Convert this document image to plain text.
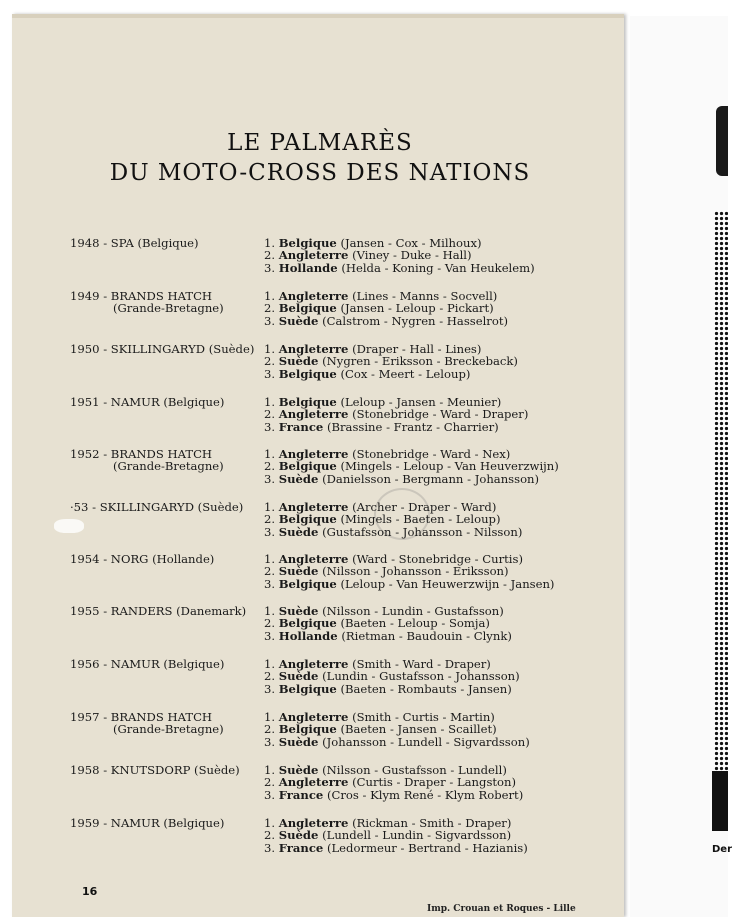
Der
LE PALMARÈS
DU MOTO-CROSS DES NATIONS
1948 - SPA (Belgique)	1. Belgique (Jansen - Cox - Milhoux)
2. Angleterre (Viney - Duke - Hall)
3. Hollande (Helda - Koning - Van Heukelem)
1949 - BRANDS HATCH
(Grande-Bretagne)
1. Angleterre (Lines - Manns - Socvell)
2. Belgique (Jansen - Leloup - Pickart)
3. Suède (Calstrom - Nygren - Hasselrot)
1950 - SKILLINGARYD (Suède) 1. Angleterre (Draper - Hall - Lines)
2. Suède (Nygren - Eriksson - Breckeback)
3. Belgique (Cox - Meert - Leloup)
1951 - NAMUR (Belgique)	1. Belgique (Leloup - Jansen - Meunier)
2. Angleterre (Stonebridge - Ward - Draper)
3. France (Brassine - Frantz - Charrier)
1952 - BRANDS HATCH
(Grande-Bretagne)
1. Angleterre (Stonebridge - Ward - Nex)
2. Belgique (Mingels - Leloup - Van Heuverzwijn)
3. Suède (Danielsson - Bergmann - Johansson)
·53 - SKILLINGARYD (Suède)	1. Angleterre (Archer - Draper - Ward)
2. Belgique (Mingels - Baeten - Leloup)
3. Suède (Gustafsson - Johansson - Nilsson)
1954 - NORG (Hollande)	1. Angleterre (Ward - Stonebridge - Curtis)
2. Suède (Nilsson - Johansson - Eriksson)
3. Belgique (Leloup - Van Heuwerzwijn - Jansen)
1955 - RANDERS (Danemark)	1. Suède (Nilsson - Lundin - Gustafsson)
2. Belgique (Baeten - Leloup - Somja)
3. Hollande (Rietman - Baudouin - Clynk)
1956 - NAMUR (Belgique)	1. Angleterre (Smith - Ward - Draper)
2. Suède (Lundin - Gustafsson - Johansson)
3. Belgique (Baeten - Rombauts - Jansen)
1957 - BRANDS HATCH
(Grande-Bretagne)
1. Angleterre (Smith - Curtis - Martin)
2. Belgique (Baeten - Jansen - Scaillet)
3. Suède (Johansson - Lundell - Sigvardsson)
1958 - KNUTSDORP (Suède)	1. Suède (Nilsson - Gustafsson - Lundell)
2. Angleterre (Curtis - Draper - Langston)
3. France (Cros - Klym René - Klym Robert)
1959 - NAMUR (Belgique)	1. Angleterre (Rickman - Smith - Draper)
2. Suède (Lundell - Lundin - Sigvardsson)
3. France (Ledormeur - Bertrand - Hazianis)
16
Imp. Crouan et Roques - Lille
